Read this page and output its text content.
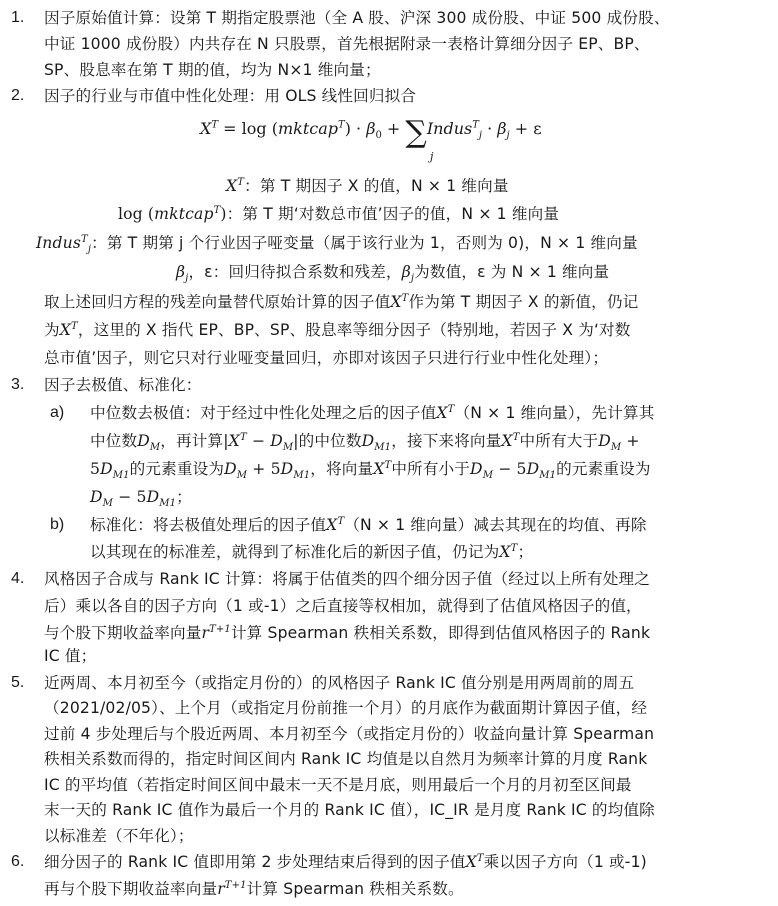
1. 因子原始值计算：设第 T 期指定股票池（全 A 股、沪深 300 成份股、中证 500 成份股、
中证 1000 成份股）内共存在 N 只股票，首先根据附录一表格计算细分因子 EP、BP、
SP、股息率在第 T 期的值，均为 N×1 维向量；
2. 因子的行业与市值中性化处理：用 OLS 线性回归拟合
$X^T = \log$ (mktcap$^T$) · $\beta_0$ + ∑Indus$^T_j$ · $\beta_j + \varepsilon$
j
$X^T$：第 T 期因子 X 的值，N × 1 维向量
log (mktcap$^T$)：第 T 期‘对数总市值’因子的值，N × 1 维向量
Indus$^T_j$：第 T 期第 j 个行业因子哑变量（属于该行业为 1，否则为 0)，N × 1 维向量
$\beta_j$，ε：回归待拟合系数和残差，$\beta_j$为数值，ε 为 N × 1 维向量
取上述回归方程的残差向量替代原始计算的因子值$X^T$作为第 T 期因子 X 的新值，仍记
为$X^T$，这里的 X 指代 EP、BP、SP、股息率等细分因子（特别地，若因子 X 为‘对数
总市值’因子，则它只对行业哑变量回归，亦即对该因子只进行行业中性化处理）；
3. 因子去极值、标准化：
a) 中位数去极值：对于经过中性化处理之后的因子值$X^T(N \times 1$ 维向量），先计算其
中位数$D_M$，再计算$|X^T - D_M|$的中位数$D_{M1}$，接下来将向量$X^T$中所有大于$D_M$ +
$5D_{M1}$的元素重设为$D_M + 5D_{M1}$，将向量$X^T$中所有小于$D_M - 5D_{M1}$的元素重设为
$D_M - 5D_{M1}$；
b) 标准化：将去极值处理后的因子值$X^T(N \times 1$ 维向量）减去其现在的均值、再除
以其现在的标准差，就得到了标准化后的新因子值，仍记为$X^T$；
4. 风格因子合成与 Rank IC 计算：将属于估值类的四个细分因子值（经过以上所有处理之
后）乘以各自的因子方向（1 或-1）之后直接等权相加，就得到了估值风格因子的值，
与个股下期收益率向量$r^{T+1}$计算 Spearman 秩相关系数，即得到估值风格因子的 Rank
IC 值；
5. 近两周、本月初至今（或指定月份的）的风格因子 Rank IC 值分别是用两周前的周五
（2021/02/05）、上个月（或指定月份前推一个月）的月底作为截面期计算因子值，经
过前 4 步处理后与个股近两周、本月初至今（或指定月份的）收益向量计算 Spearman
秩相关系数而得的，指定时间区间内 Rank IC 均值是以自然月为频率计算的月度 Rank
IC 的平均值（若指定时间区间中最末一天不是月底，则用最后一个月的月初至区间最
末一天的 Rank IC 值作为最后一个月的 Rank IC 值），IC_IR 是月度 Rank IC 的均值除
以标准差（不年化）；
6. 细分因子的 Rank IC 值即用第 2 步处理结束后得到的因子值$X^T$乘以因子方向（1 或-1)
再与个股下期收益率向量$r^{T+1}$计算 Spearman 秩相关系数。
